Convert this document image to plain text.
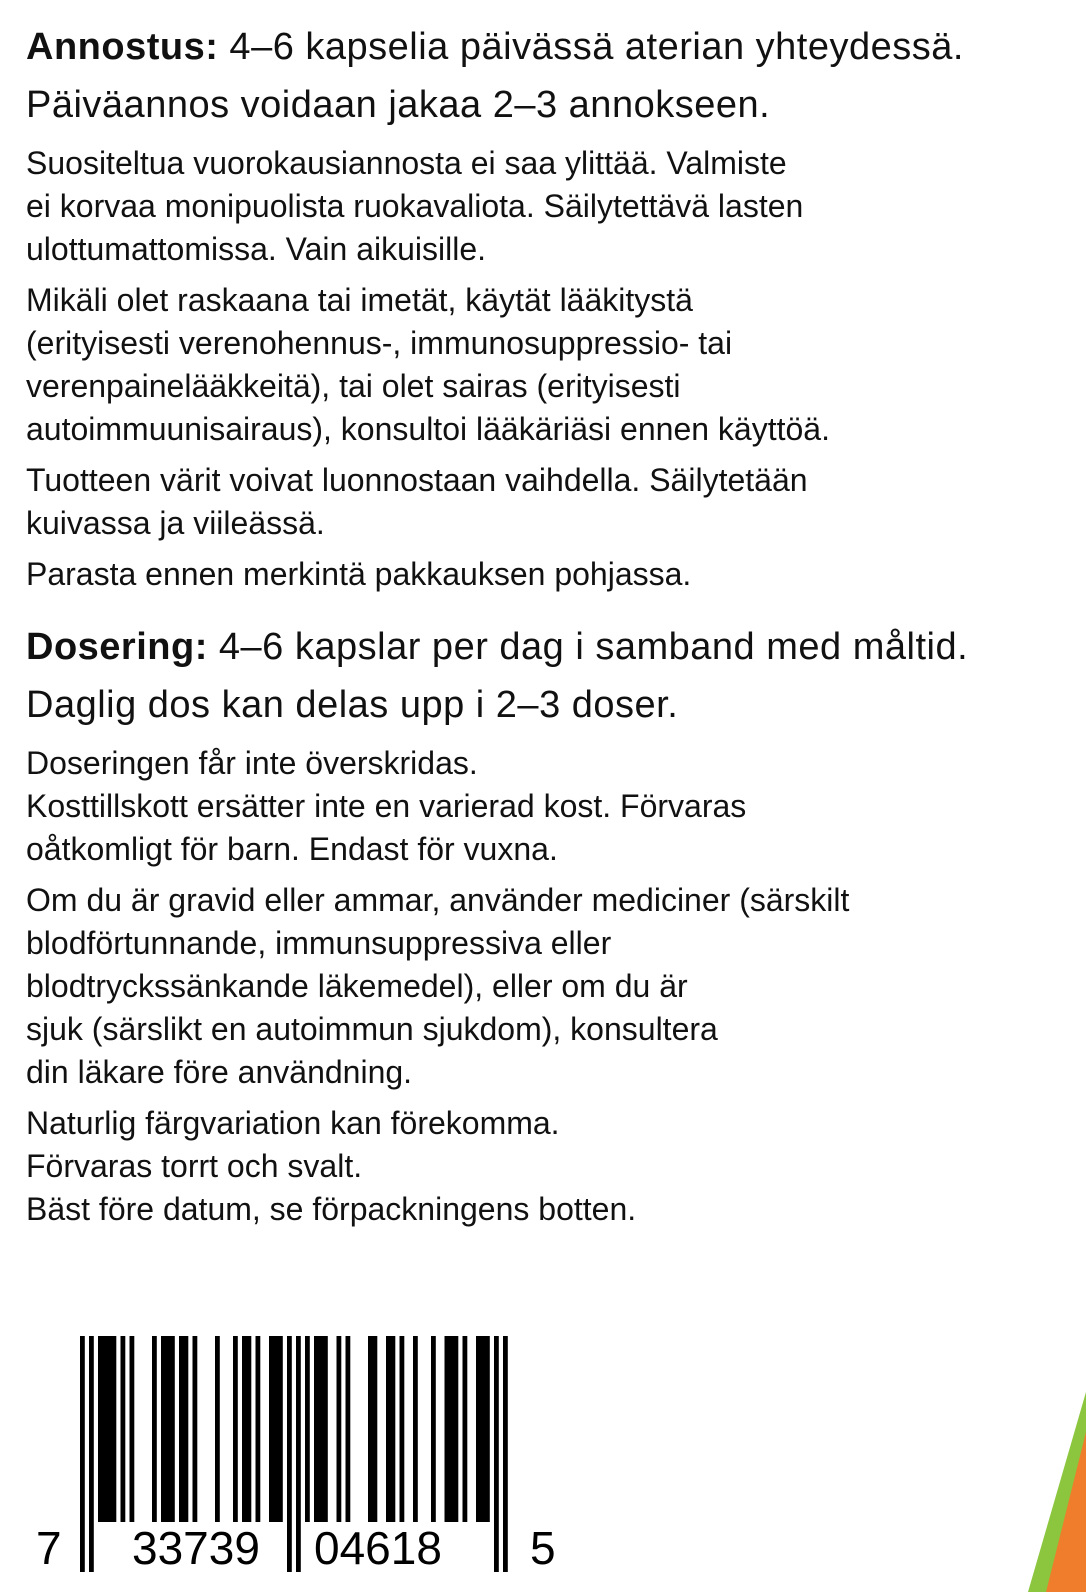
Annostus: 4–6 kapselia päivässä aterian yhteydessä. Päiväannos voidaan jakaa 2–3 annokseen.

Suositeltua vuorokausiannosta ei saa ylittää. Valmiste
ei korvaa monipuolista ruokavaliota. Säilytettävä lasten
ulottumattomissa. Vain aikuisille.

Mikäli olet raskaana tai imetät, käytät lääkitystä
(erityisesti verenohennus-, immunosuppressio- tai
verenpainelääkkeitä), tai olet sairas (erityisesti
autoimmuunisairaus), konsultoi lääkäriäsi ennen käyttöä.

Tuotteen värit voivat luonnostaan vaihdella. Säilytetään
kuivassa ja viileässä.

Parasta ennen merkintä pakkauksen pohjassa.

Dosering: 4–6 kapslar per dag i samband med måltid. Daglig dos kan delas upp i 2–3 doser.

Doseringen får inte överskridas.
Kosttillskott ersätter inte en varierad kost. Förvaras
oåtkomligt för barn. Endast för vuxna.

Om du är gravid eller ammar, använder mediciner (särskilt
blodförtunnande, immunsuppressiva eller
blodtryckssänkande läkemedel), eller om du är
sjuk (särslikt en autoimmun sjukdom), konsultera
din läkare före användning.

Naturlig färgvariation kan förekomma.
Förvaras torrt och svalt.
Bäst före datum, se förpackningens botten.

7 33739 04618 5
